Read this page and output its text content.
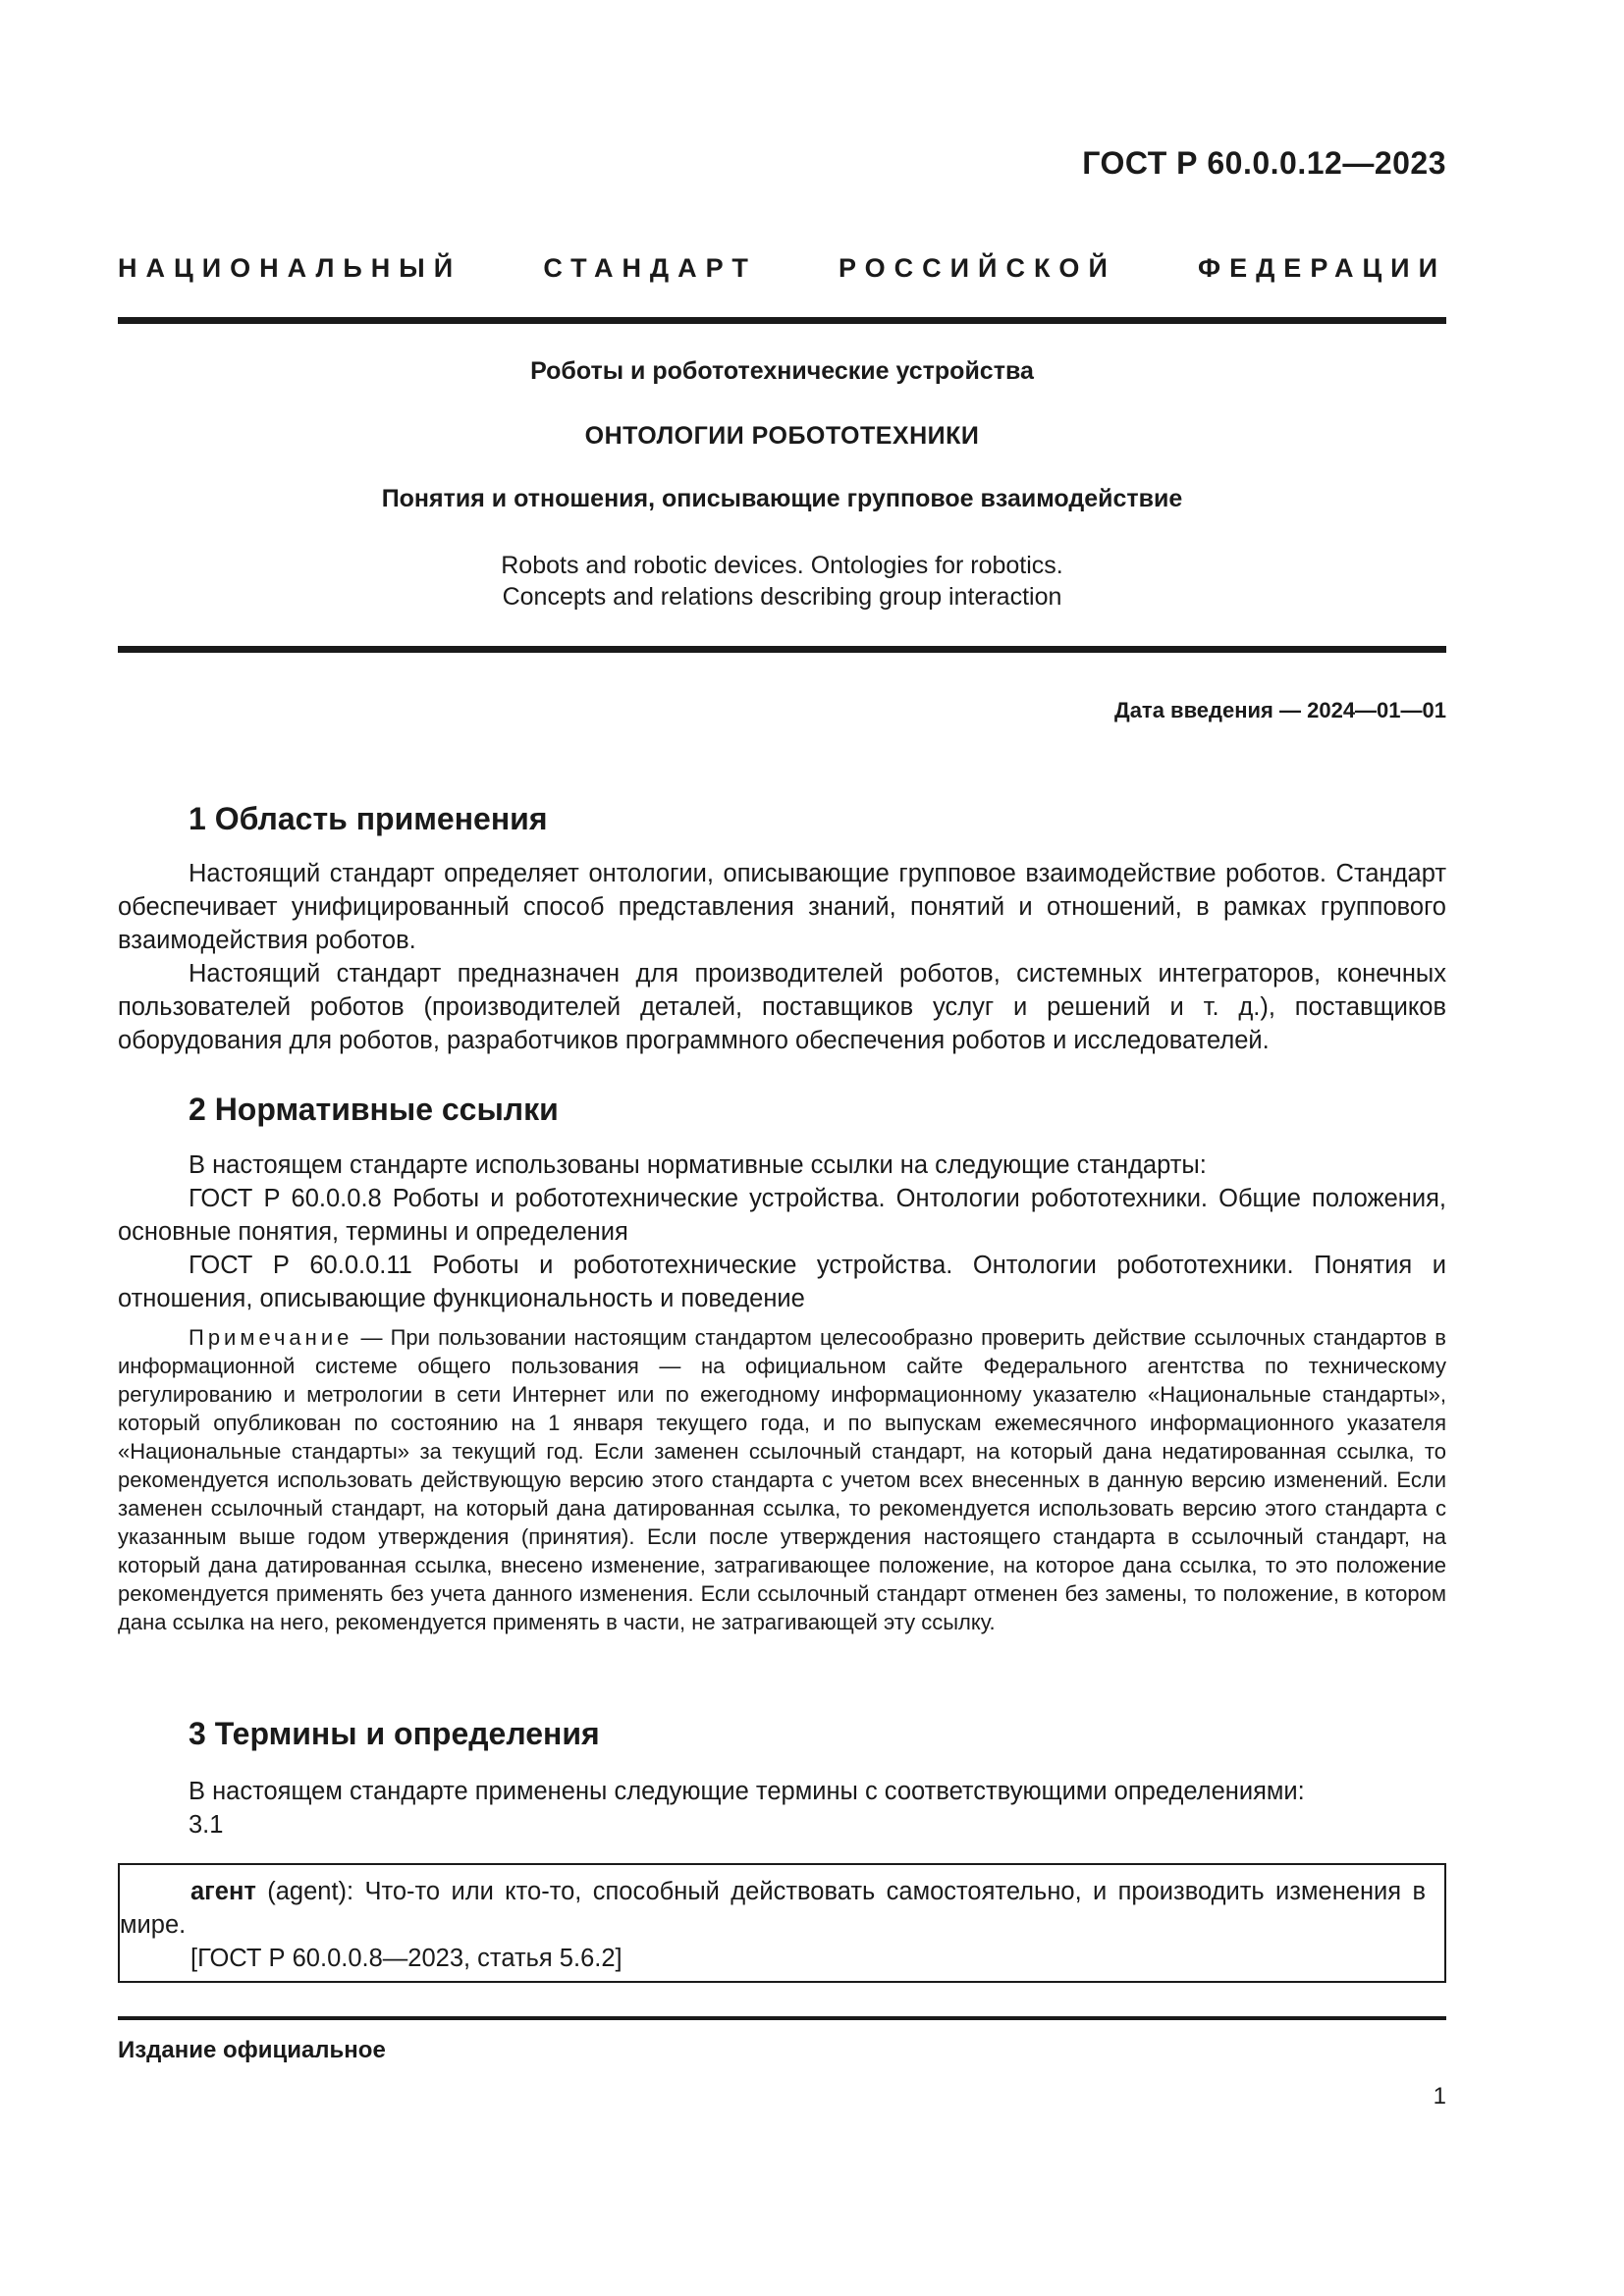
ГОСТ Р 60.0.0.12—2023
НАЦИОНАЛЬНЫЙ СТАНДАРТ РОССИЙСКОЙ ФЕДЕРАЦИИ
Роботы и робототехнические устройства
ОНТОЛОГИИ РОБОТОТЕХНИКИ
Понятия и отношения, описывающие групповое взаимодействие
Robots and robotic devices. Ontologies for robotics.
Concepts and relations describing group interaction
Дата введения — 2024—01—01
1 Область применения

Настоящий стандарт определяет онтологии, описывающие групповое взаимодействие роботов. Стандарт обеспечивает унифицированный способ представления знаний, понятий и отношений, в рамках группового взаимодействия роботов.

Настоящий стандарт предназначен для производителей роботов, системных интеграторов, конечных пользователей роботов (производителей деталей, поставщиков услуг и решений и т. д.), поставщиков оборудования для роботов, разработчиков программного обеспечения роботов и исследователей.

2 Нормативные ссылки

В настоящем стандарте использованы нормативные ссылки на следующие стандарты:

ГОСТ Р 60.0.0.8 Роботы и робототехнические устройства. Онтологии робототехники. Общие положения, основные понятия, термины и определения

ГОСТ Р 60.0.0.11 Роботы и робототехнические устройства. Онтологии робототехники. Понятия и отношения, описывающие функциональность и поведение

Примечание — При пользовании настоящим стандартом целесообразно проверить действие ссылочных стандартов в информационной системе общего пользования — на официальном сайте Федерального агентства по техническому регулированию и метрологии в сети Интернет или по ежегодному информационному указателю «Национальные стандарты», который опубликован по состоянию на 1 января текущего года, и по выпускам ежемесячного информационного указателя «Национальные стандарты» за текущий год. Если заменен ссылочный стандарт, на который дана недатированная ссылка, то рекомендуется использовать действующую версию этого стандарта с учетом всех внесенных в данную версию изменений. Если заменен ссылочный стандарт, на который дана датированная ссылка, то рекомендуется использовать версию этого стандарта с указанным выше годом утверждения (принятия). Если после утверждения настоящего стандарта в ссылочный стандарт, на который дана датированная ссылка, внесено изменение, затрагивающее положение, на которое дана ссылка, то это положение рекомендуется применять без учета данного изменения. Если ссылочный стандарт отменен без замены, то положение, в котором дана ссылка на него, рекомендуется применять в части, не затрагивающей эту ссылку.
3 Термины и определения

В настоящем стандарте применены следующие термины с соответствующими определениями:

3.1

агент (agent): Что-то или кто-то, способный действовать самостоятельно, и производить изменения в мире.

[ГОСТ Р 60.0.0.8—2023, статья 5.6.2]

Издание официальное
1
